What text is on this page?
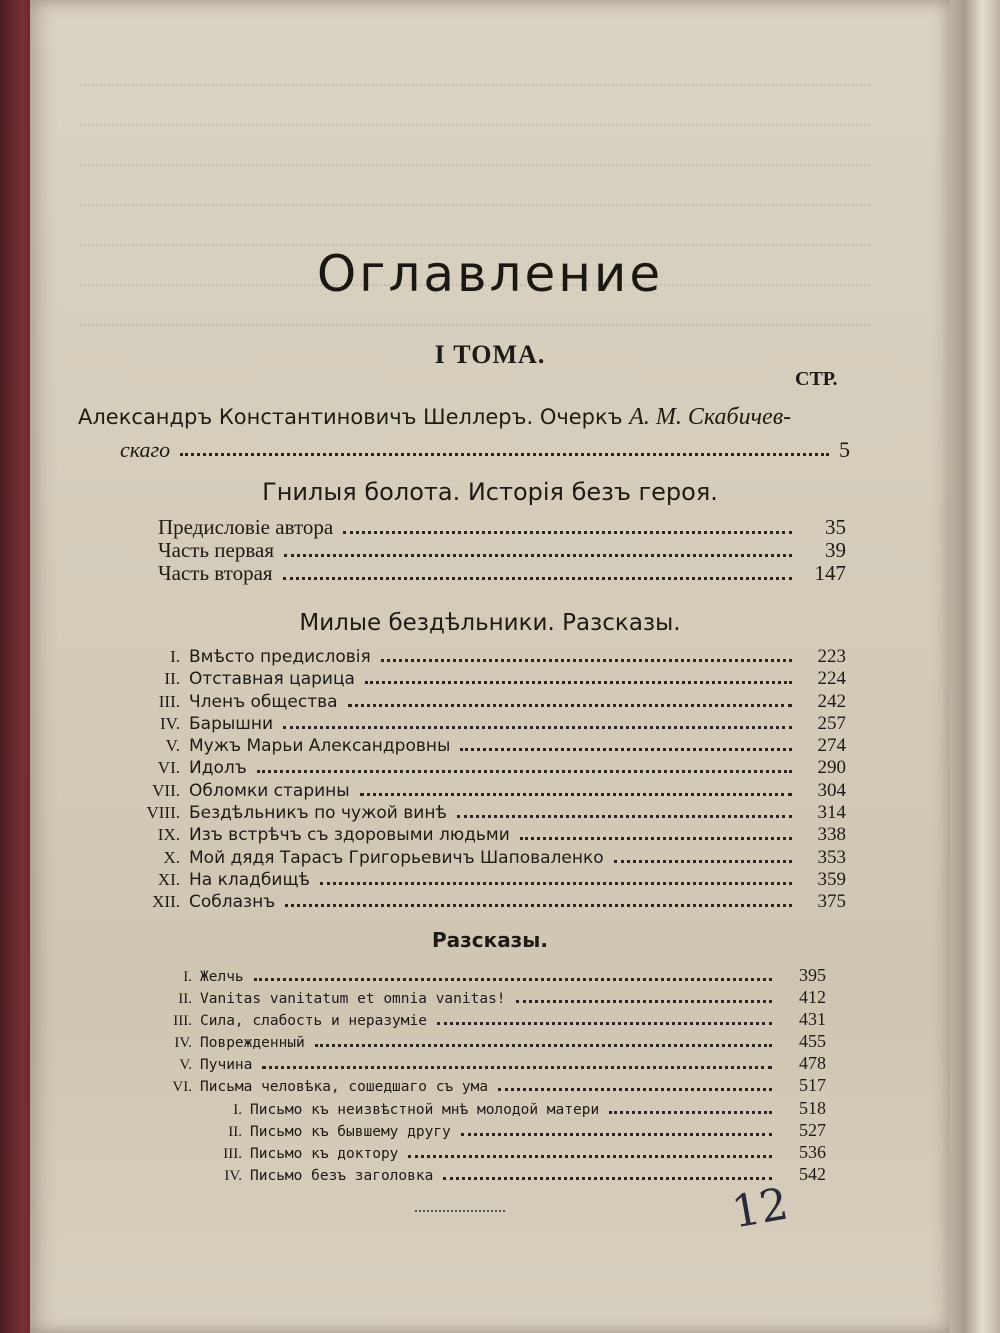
Оглавление
I ТОМА.
СТР.
Александръ Константиновичъ Шеллеръ. Очеркъ А. М. Скабичев-
скаго	5
Гнилыя болота. Исторія безъ героя.
Предисловіе автора	35
Часть первая	39
Часть вторая	147
Милые бездѣльники. Разсказы.
I. Вмѣсто предисловія	223
II. Отставная царица	224
III. Членъ общества	242
IV. Барышни	257
V. Мужъ Марьи Александровны	274
VI. Идолъ	290
VII. Обломки старины	304
VIII. Бездѣльникъ по чужой винѣ	314
IX. Изъ встрѣчъ съ здоровыми людьми	338
X. Мой дядя Тарасъ Григорьевичъ Шаповаленко	353
XI. На кладбищѣ	359
XII. Соблазнъ	375
Разсказы.
I. Желчь	395
II. Vanitas vanitatum et omnia vanitas!	412
III. Сила, слабость и неразуміе	431
IV. Поврежденный	455
V. Пучина	478
VI. Письма человѣка, сошедшаго съ ума	517
I. Письмо къ неизвѣстной мнѣ молодой матери	518
II. Письмо къ бывшему другу	527
III. Письмо къ доктору	536
IV. Письмо безъ заголовка	542
12
